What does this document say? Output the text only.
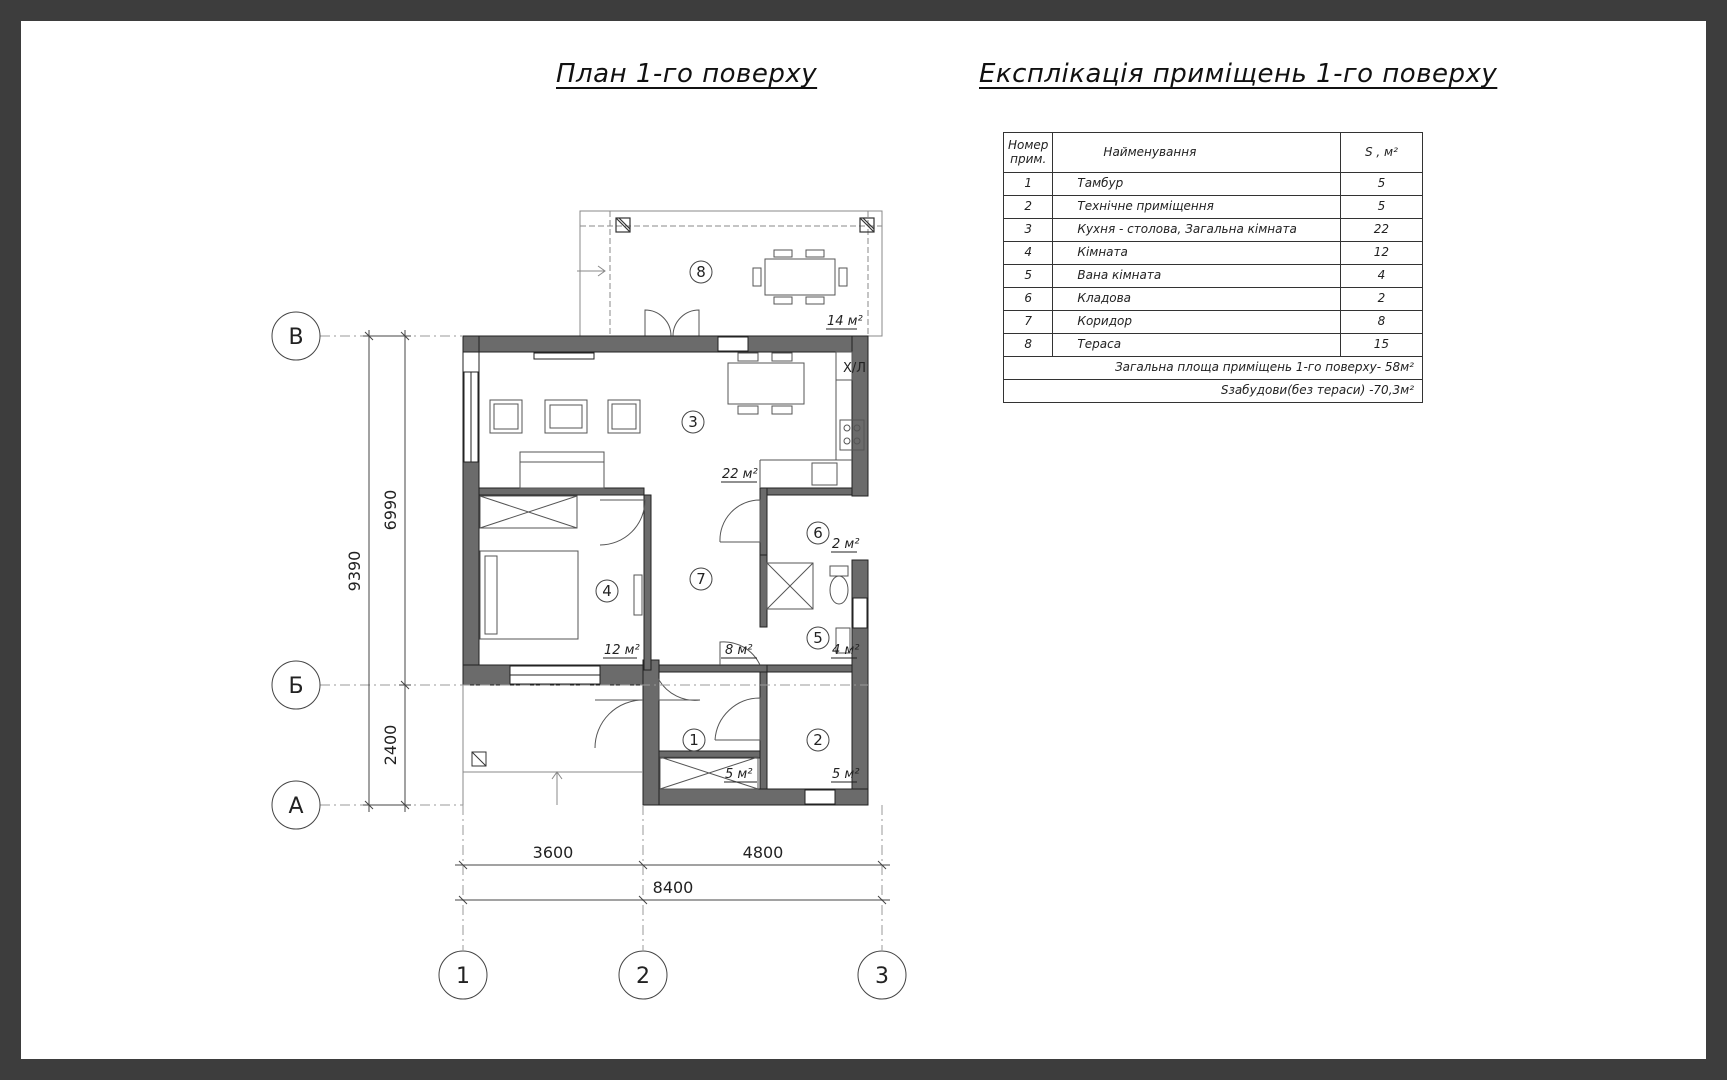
14 м²
Х/Л
1	2
3
4
5
6
7
8
5 м²	5 м²
22 м²
12 м²	4 м²
2 м²
8 м²
В
Б
А
1	2	3
9390
6990
2400
3600	4800
8400
План 1-го поверху	Експлікація приміщень 1-го поверху
Номер прим.	Найменування	S , м²
1	Тамбур	5
2	Технічне приміщення	5
3	Кухня - столова, Загальна кімната	22
4	Кімната	12
5	Вана кімната	4
6	Кладова	2
7	Коридор	8
8	Тераса	15
Загальна площа приміщень 1-го поверху- 58м²		
Sзабудови(без тераси) -70,3м²		
